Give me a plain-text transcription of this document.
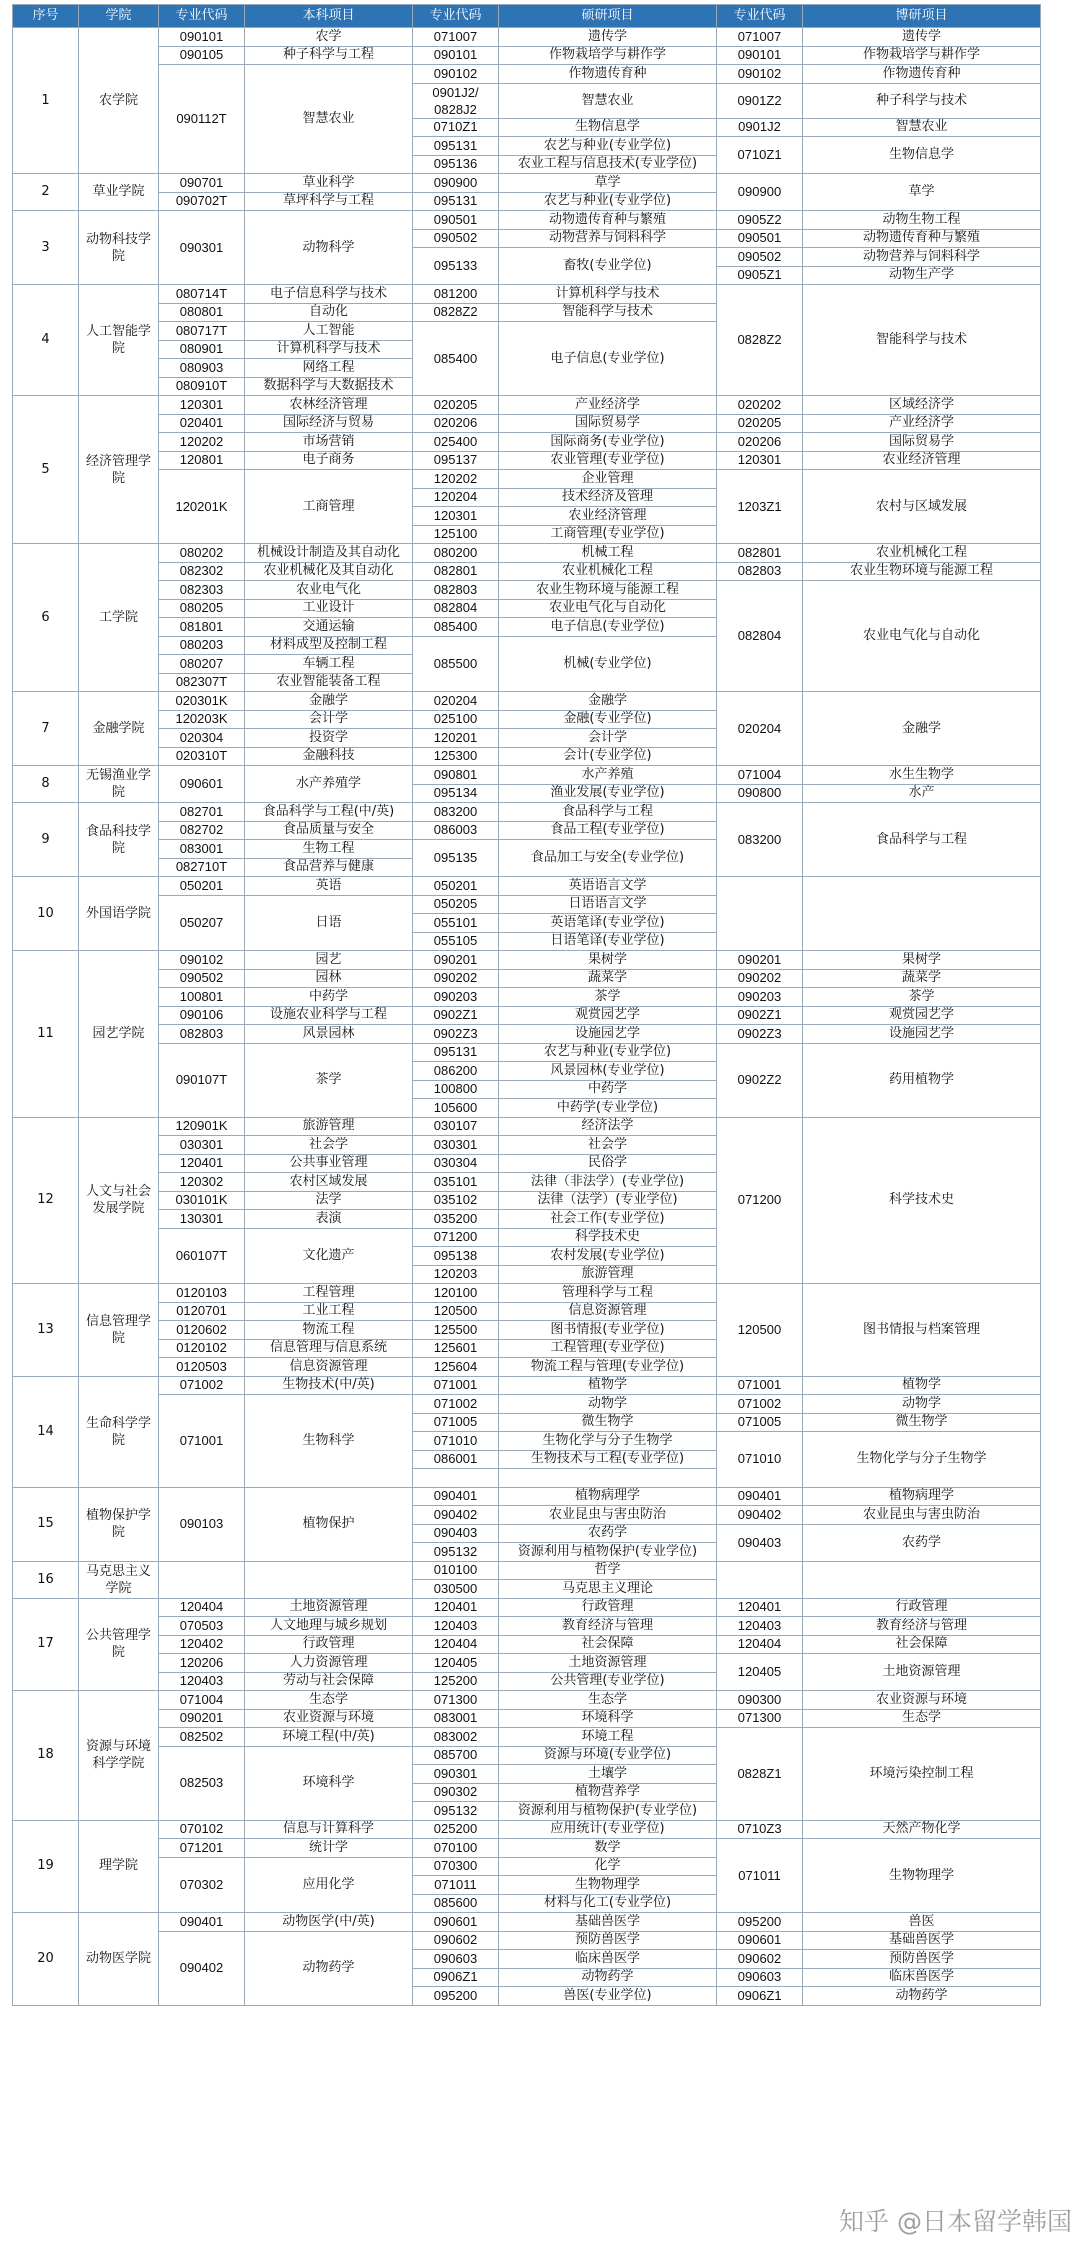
序号	学院	专业代码	本科项目	专业代码	硕研项目	专业代码	博研项目
1	农学院	090101	农学	071007	遗传学	071007	遗传学
		090105	种子科学与工程	090101	作物栽培学与耕作学	090101	作物栽培学与耕作学
		090112T	智慧农业	090102	作物遗传育种	090102	作物遗传育种
				0901J2/ 0828J2	智慧农业	0901Z2	种子科学与技术

				0710Z1	生物信息学	0901J2	智慧农业
				095131	农艺与种业(专业学位)	0710Z1	生物信息学
				095136	农业工程与信息技术(专业学位)		
2	草业学院	090701	草业科学	090900	草学	090900	草学
		090702T	草坪科学与工程	095131	农艺与种业(专业学位)		
3	动物科技学院	090301	动物科学	090501	动物遗传育种与繁殖	0905Z2	动物生物工程
				090502	动物营养与饲料科学	090501	动物遗传育种与繁殖
				095133	畜牧(专业学位)	090502	动物营养与饲料科学
						0905Z1	动物生产学
4	人工智能学院	080714T	电子信息科学与技术	081200	计算机科学与技术	0828Z2	智能科学与技术
		080801	自动化	0828Z2	智能科学与技术		
		080717T	人工智能	085400	电子信息(专业学位)		
		080901	计算机科学与技术				
		080903	网络工程				
		080910T	数据科学与大数据技术				
5	经济管理学院	120301	农林经济管理	020205	产业经济学	020202	区域经济学
		020401	国际经济与贸易	020206	国际贸易学	020205	产业经济学
		120202	市场营销	025400	国际商务(专业学位)	020206	国际贸易学
		120801	电子商务	095137	农业管理(专业学位)	120301	农业经济管理
		120201K	工商管理	120202	企业管理	1203Z1	农村与区域发展
				120204	技术经济及管理		
				120301	农业经济管理		
				125100	工商管理(专业学位)		
6	工学院	080202	机械设计制造及其自动化	080200	机械工程	082801	农业机械化工程
		082302	农业机械化及其自动化	082801	农业机械化工程	082803	农业生物环境与能源工程
		082303	农业电气化	082803	农业生物环境与能源工程	082804	农业电气化与自动化
		080205	工业设计	082804	农业电气化与自动化		
		081801	交通运输	085400	电子信息(专业学位)		
		080203	材料成型及控制工程	085500	机械(专业学位)		
		080207	车辆工程				
		082307T	农业智能装备工程				
7	金融学院	020301K	金融学	020204	金融学	020204	金融学
		120203K	会计学	025100	金融(专业学位)		
		020304	投资学	120201	会计学		
		020310T	金融科技	125300	会计(专业学位)		
8	无锡渔业学院	090601	水产养殖学	090801	水产养殖	071004	水生生物学
				095134	渔业发展(专业学位)	090800	水产
9	食品科技学院	082701	食品科学与工程(中/英)	083200	食品科学与工程	083200	食品科学与工程
		082702	食品质量与安全	086003	食品工程(专业学位)		
		083001	生物工程	095135	食品加工与安全(专业学位)		
		082710T	食品营养与健康				
10	外国语学院	050201	英语	050201	英语语言文学		
		050207	日语	050205	日语语言文学		
				055101	英语笔译(专业学位)		
				055105	日语笔译(专业学位)		
11	园艺学院	090102	园艺	090201	果树学	090201	果树学
		090502	园林	090202	蔬菜学	090202	蔬菜学
		100801	中药学	090203	茶学	090203	茶学
		090106	设施农业科学与工程	0902Z1	观赏园艺学	0902Z1	观赏园艺学
		082803	风景园林	0902Z3	设施园艺学	0902Z3	设施园艺学
		090107T	茶学	095131	农艺与种业(专业学位)	0902Z2	药用植物学
				086200	风景园林(专业学位)		
				100800	中药学		
				105600	中药学(专业学位)		
12	人文与社会发展学院	120901K	旅游管理	030107	经济法学	071200	科学技术史
		030301	社会学	030301	社会学		
		120401	公共事业管理	030304	民俗学		
		120302	农村区域发展	035101	法律（非法学）(专业学位)		
		030101K	法学	035102	法律（法学）(专业学位)		
		130301	表演	035200	社会工作(专业学位)		
		060107T	文化遗产	071200	科学技术史		
				095138	农村发展(专业学位)		
				120203	旅游管理		
13	信息管理学院	0120103	工程管理	120100	管理科学与工程	120500	图书情报与档案管理
		0120701	工业工程	120500	信息资源管理		
		0120602	物流工程	125500	图书情报(专业学位)		
		0120102	信息管理与信息系统	125601	工程管理(专业学位)		
		0120503	信息资源管理	125604	物流工程与管理(专业学位)		
14	生命科学学院	071002	生物技术(中/英)	071001	植物学	071001	植物学
		071001	生物科学	071002	动物学	071002	动物学
				071005	微生物学	071005	微生物学
				071010	生物化学与分子生物学	071010	生物化学与分子生物学
				086001	生物技术与工程(专业学位)		

15	植物保护学院	090103	植物保护	090401	植物病理学	090401	植物病理学
				090402	农业昆虫与害虫防治	090402	农业昆虫与害虫防治
				090403	农药学	090403	农药学
				095132	资源利用与植物保护(专业学位)		
16	马克思主义学院			010100	哲学		
				030500	马克思主义理论		
17	公共管理学院	120404	土地资源管理	120401	行政管理	120401	行政管理
		070503	人文地理与城乡规划	120403	教育经济与管理	120403	教育经济与管理
		120402	行政管理	120404	社会保障	120404	社会保障
		120206	人力资源管理	120405	土地资源管理	120405	土地资源管理
		120403	劳动与社会保障	125200	公共管理(专业学位)		
18	资源与环境科学学院	071004	生态学	071300	生态学	090300	农业资源与环境
		090201	农业资源与环境	083001	环境科学	071300	生态学
		082502	环境工程(中/英)	083002	环境工程	0828Z1	环境污染控制工程
		082503	环境科学	085700	资源与环境(专业学位)		
				090301	土壤学		
				090302	植物营养学		
				095132	资源利用与植物保护(专业学位)		
19	理学院	070102	信息与计算科学	025200	应用统计(专业学位)	0710Z3	天然产物化学
		071201	统计学	070100	数学	071011	生物物理学
		070302	应用化学	070300	化学		
				071011	生物物理学		
				085600	材料与化工(专业学位)		
20	动物医学院	090401	动物医学(中/英)	090601	基础兽医学	095200	兽医
		090402	动物药学	090602	预防兽医学	090601	基础兽医学
				090603	临床兽医学	090602	预防兽医学
				0906Z1	动物药学	090603	临床兽医学
				095200	兽医(专业学位)	0906Z1	动物药学
知乎 @日本留学韩国
